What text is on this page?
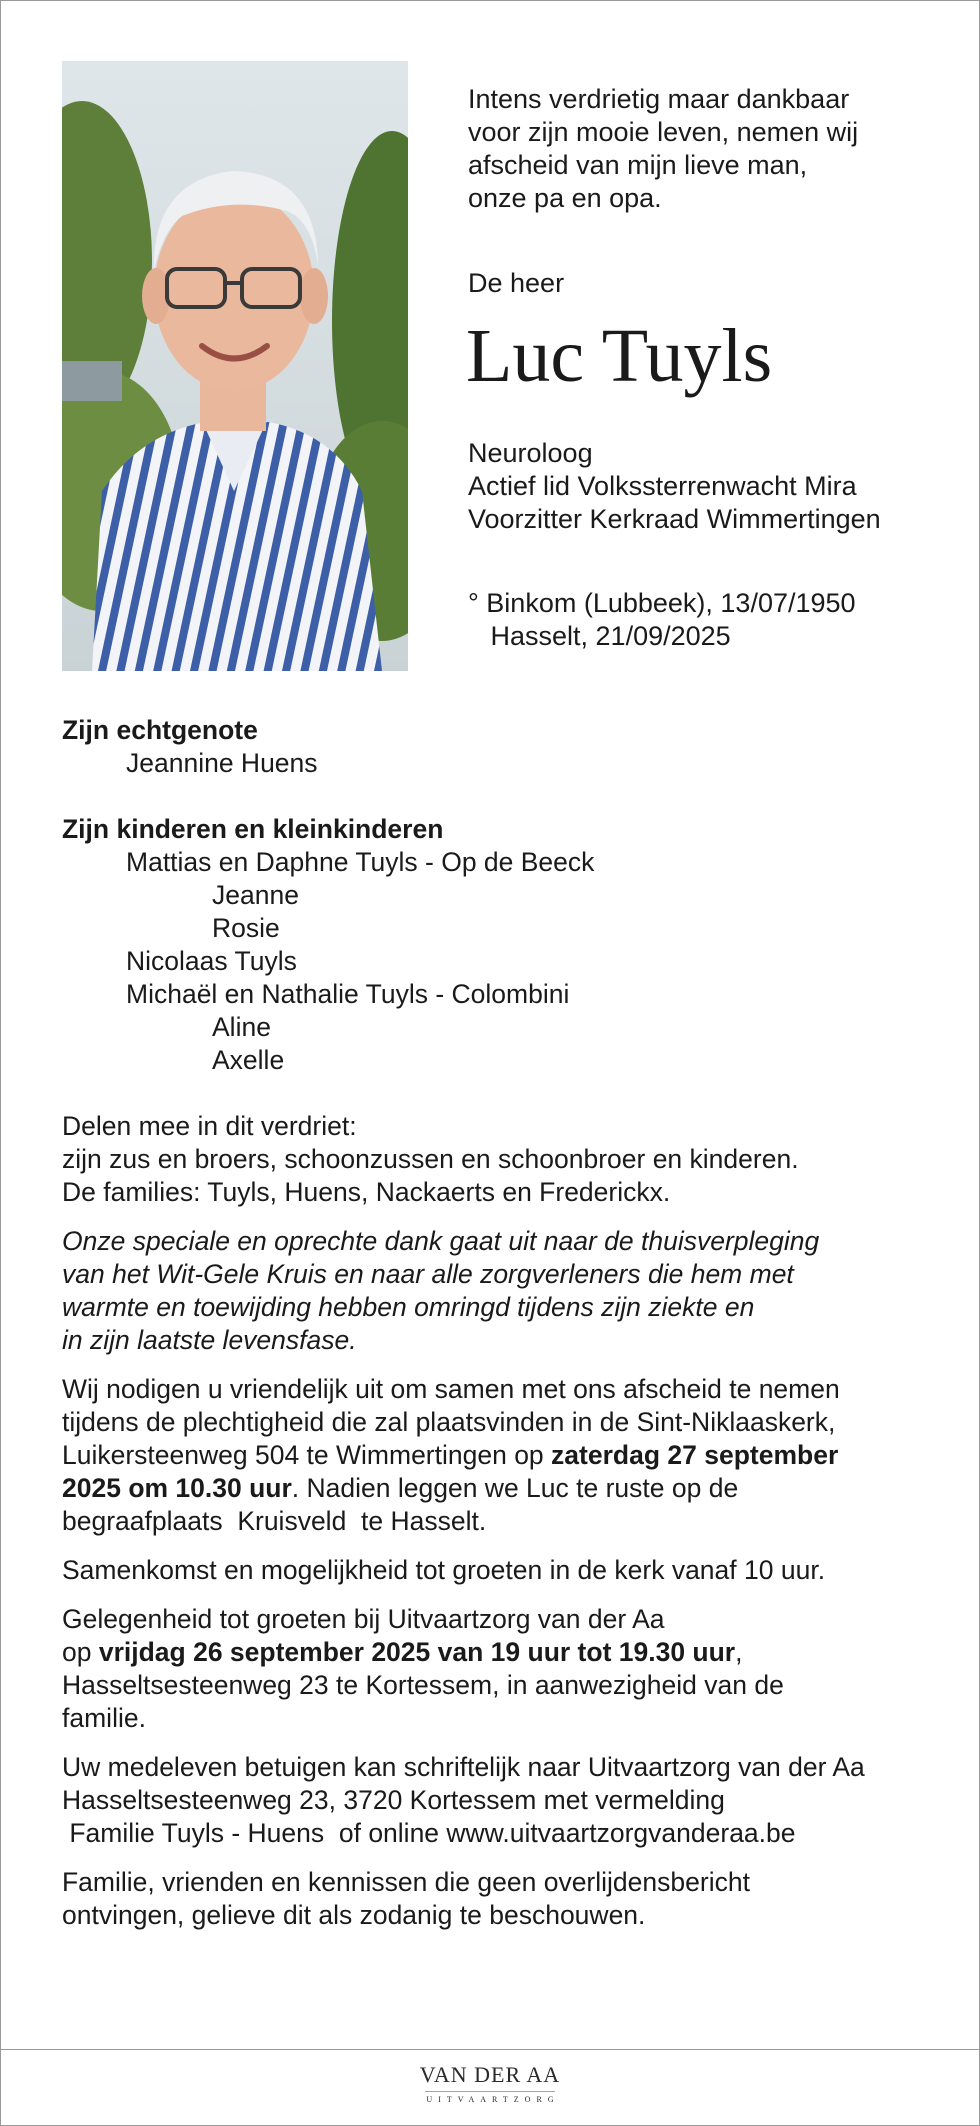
Intens verdrietig maar dankbaar
voor zijn mooie leven, nemen wij
afscheid van mijn lieve man,
onze pa en opa.
De heer
Luc Tuyls
Neuroloog
Actief lid Volkssterrenwacht Mira
Voorzitter Kerkraad Wimmertingen
° Binkom (Lubbeek), 13/07/1950
Hasselt, 21/09/2025

Zijn echtgenote

Jeannine Huens

Zijn kinderen en kleinkinderen

Mattias en Daphne Tuyls - Op de Beeck

Jeanne

Rosie

Nicolaas Tuyls

Michaël en Nathalie Tuyls - Colombini

Aline

Axelle

Delen mee in dit verdriet:
zijn zus en broers, schoonzussen en schoonbroer en kinderen.
De families: Tuyls, Huens, Nackaerts en Frederickx.
Onze speciale en oprechte dank gaat uit naar de thuisverpleging
van het Wit-Gele Kruis en naar alle zorgverleners die hem met
warmte en toewijding hebben omringd tijdens zijn ziekte en
in zijn laatste levensfase.
Wij nodigen u vriendelijk uit om samen met ons afscheid te nemen
tijdens de plechtigheid die zal plaatsvinden in de Sint-Niklaaskerk,
Luikersteenweg 504 te Wimmertingen op zaterdag 27 september
2025 om 10.30 uur. Nadien leggen we Luc te ruste op de
begraafplaats  Kruisveld  te Hasselt.

Samenkomst en mogelijkheid tot groeten in de kerk vanaf 10 uur.

Gelegenheid tot groeten bij Uitvaartzorg van der Aa
op vrijdag 26 september 2025 van 19 uur tot 19.30 uur,
Hasseltsesteenweg 23 te Kortessem, in aanwezigheid van de
familie.
Uw medeleven betuigen kan schriftelijk naar Uitvaartzorg van der Aa
Hasseltsesteenweg 23, 3720 Kortessem met vermelding
Familie Tuyls - Huens  of online www.uitvaartzorgvanderaa.be
Familie, vrienden en kennissen die geen overlijdensbericht
ontvingen, gelieve dit als zodanig te beschouwen.
VAN DER AA
UITVAARTZORG
